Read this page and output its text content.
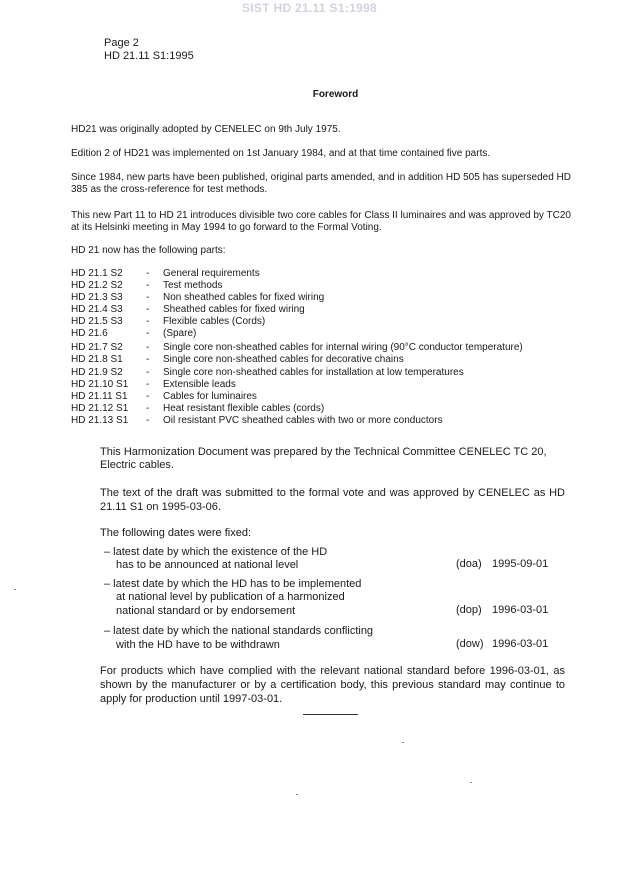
SIST HD 21.11 S1:1998
Page 2
HD 21.11 S1:1995
Foreword
HD21 was originally adopted by CENELEC on 9th July 1975.
Edition 2 of HD21 was implemented on 1st January 1984, and at that time contained five parts.
Since 1984, new parts have been published, original parts amended, and in addition HD 505 has superseded HD 385 as the cross-reference for test methods.
This new Part 11 to HD 21 introduces divisible two core cables for Class II luminaires and was approved by TC20 at its Helsinki meeting in May 1994 to go forward to the Formal Voting.
HD 21 now has the following parts:
HD 21.1 S2 - General requirements
HD 21.2 S2 - Test methods
HD 21.3 S3 - Non sheathed cables for fixed wiring
HD 21.4 S3 - Sheathed cables for fixed wiring
HD 21.5 S3 - Flexible cables (Cords)
HD 21.6	- (Spare)
HD 21.7 S2 - Single core non-sheathed cables for internal wiring (90°C conductor temperature)
HD 21.8 S1 - Single core non-sheathed cables for decorative chains
HD 21.9 S2 - Single core non-sheathed cables for installation at low temperatures
HD 21.10 S1 - Extensible leads
HD 21.11 S1 - Cables for luminaires
HD 21.12 S1 - Heat resistant flexible cables (cords)
HD 21.13 S1 - Oil resistant PVC sheathed cables with two or more conductors
This Harmonization Document was prepared by the Technical Committee CENELEC TC 20,
Electric cables.
The text of the draft was submitted to the formal vote and was approved by CENELEC as HD 21.11 S1 on 1995-03-06.
The following dates were fixed:
– latest date by which the existence of the HD
has to be announced at national level	(doa) 1995-09-01
– latest date by which the HD has to be implemented
at national level by publication of a harmonized
national standard or by endorsement	(dop) 1996-03-01
– latest date by which the national standards conflicting
with the HD have to be withdrawn	(dow) 1996-03-01
For products which have complied with the relevant national standard before 1996-03-01, as shown by the manufacturer or by a certification body, this previous standard may continue to apply for production until 1997-03-01.
